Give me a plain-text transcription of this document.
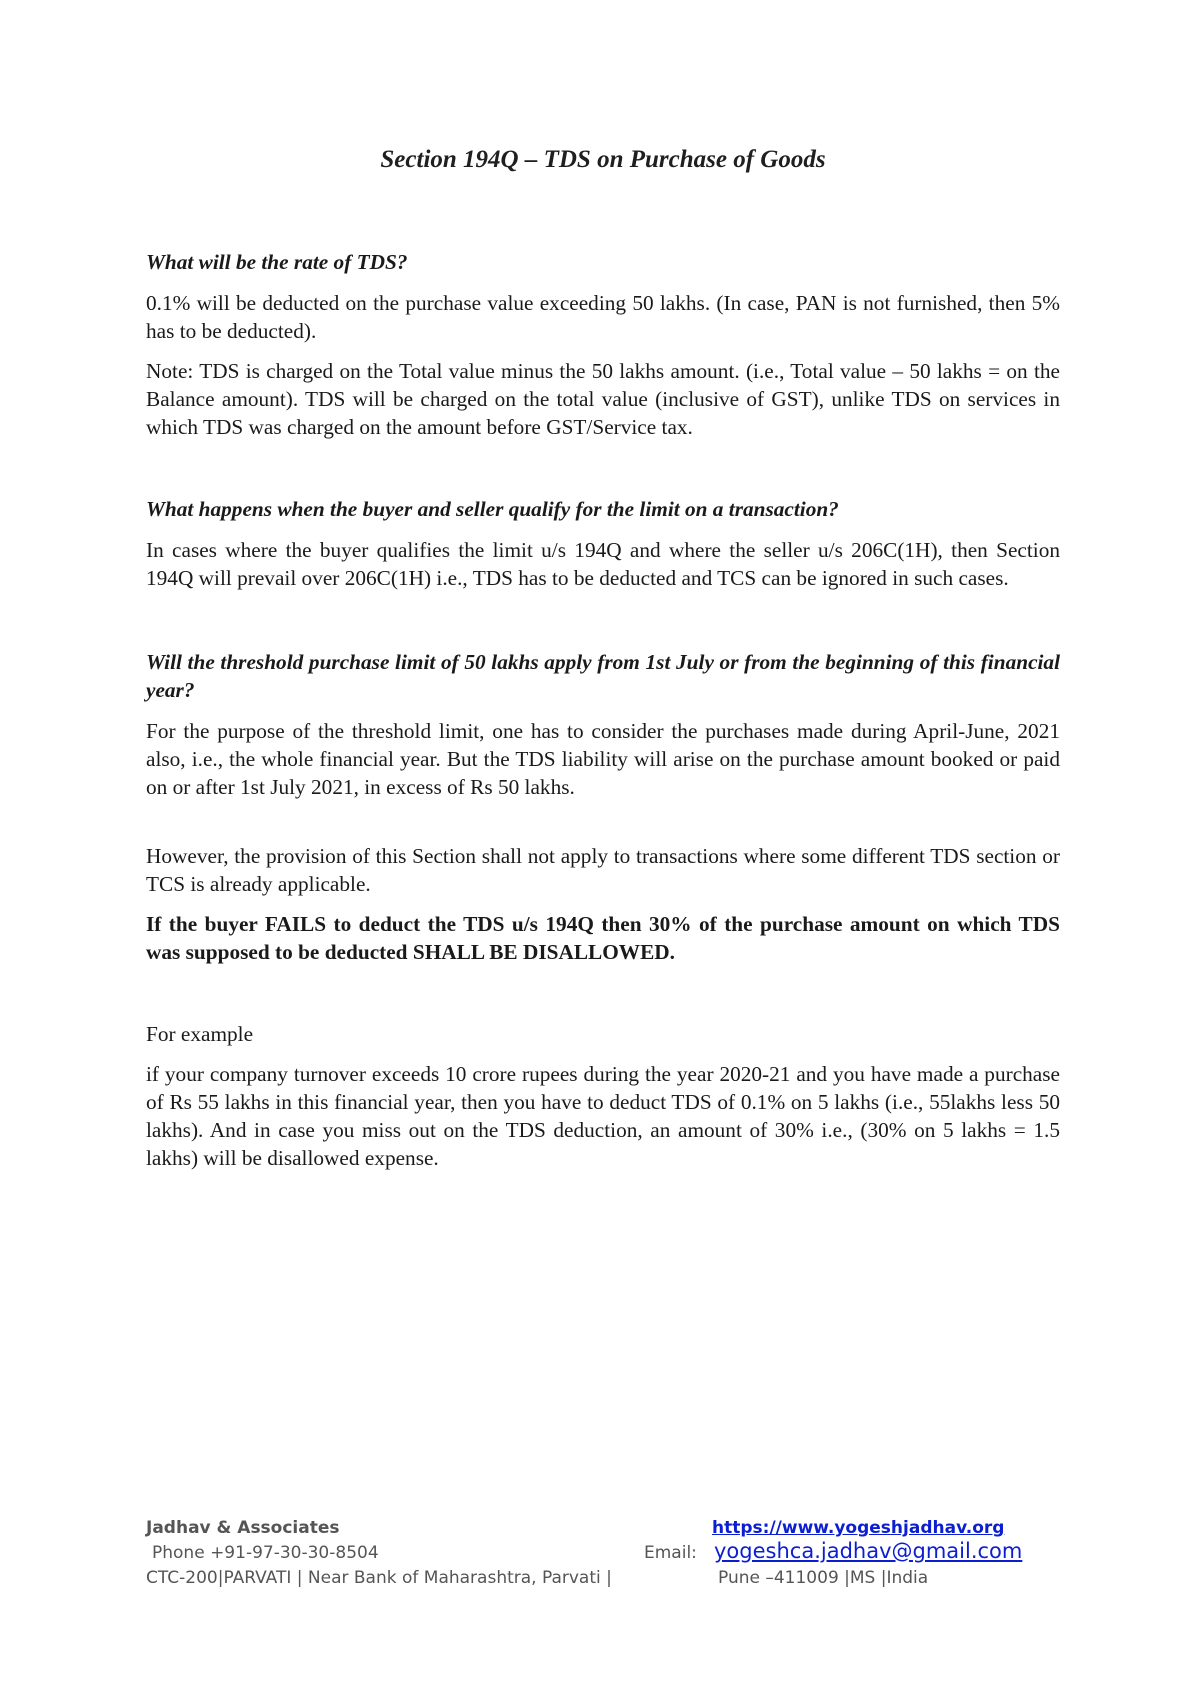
Section 194Q – TDS on Purchase of Goods

What will be the rate of TDS?

0.1% will be deducted on the purchase value exceeding 50 lakhs. (In case, PAN is not furnished, then 5% has to be deducted).

Note: TDS is charged on the Total value minus the 50 lakhs amount. (i.e., Total value – 50 lakhs = on the Balance amount). TDS will be charged on the total value (inclusive of GST), unlike TDS on services in which TDS was charged on the amount before GST/Service tax.

What happens when the buyer and seller qualify for the limit on a transaction?

In cases where the buyer qualifies the limit u/s 194Q and where the seller u/s 206C(1H), then Section 194Q will prevail over 206C(1H) i.e., TDS has to be deducted and TCS can be ignored in such cases.

Will the threshold purchase limit of 50 lakhs apply from 1st July or from the beginning of this financial year?

For the purpose of the threshold limit, one has to consider the purchases made during April-June, 2021 also, i.e., the whole financial year. But the TDS liability will arise on the purchase amount booked or paid on or after 1st July 2021, in excess of Rs 50 lakhs.

However, the provision of this Section shall not apply to transactions where some different TDS section or TCS is already applicable.

If the buyer FAILS to deduct the TDS u/s 194Q then 30% of the purchase amount on which TDS was supposed to be deducted SHALL BE DISALLOWED.

For example

if your company turnover exceeds 10 crore rupees during the year 2020-21 and you have made a purchase of Rs 55 lakhs in this financial year, then you have to deduct TDS of 0.1% on 5 lakhs (i.e., 55lakhs less 50 lakhs). And in case you miss out on the TDS deduction, an amount of 30% i.e., (30% on 5 lakhs = 1.5 lakhs) will be disallowed expense.

Jadhav & Associates	https://www.yogeshjadhav.org
Phone +91-97-30-30-8504	Email: yogeshca.jadhav@gmail.com
CTC-200|PARVATI | Near Bank of Maharashtra, Parvati |	Pune –411009 |MS |India
